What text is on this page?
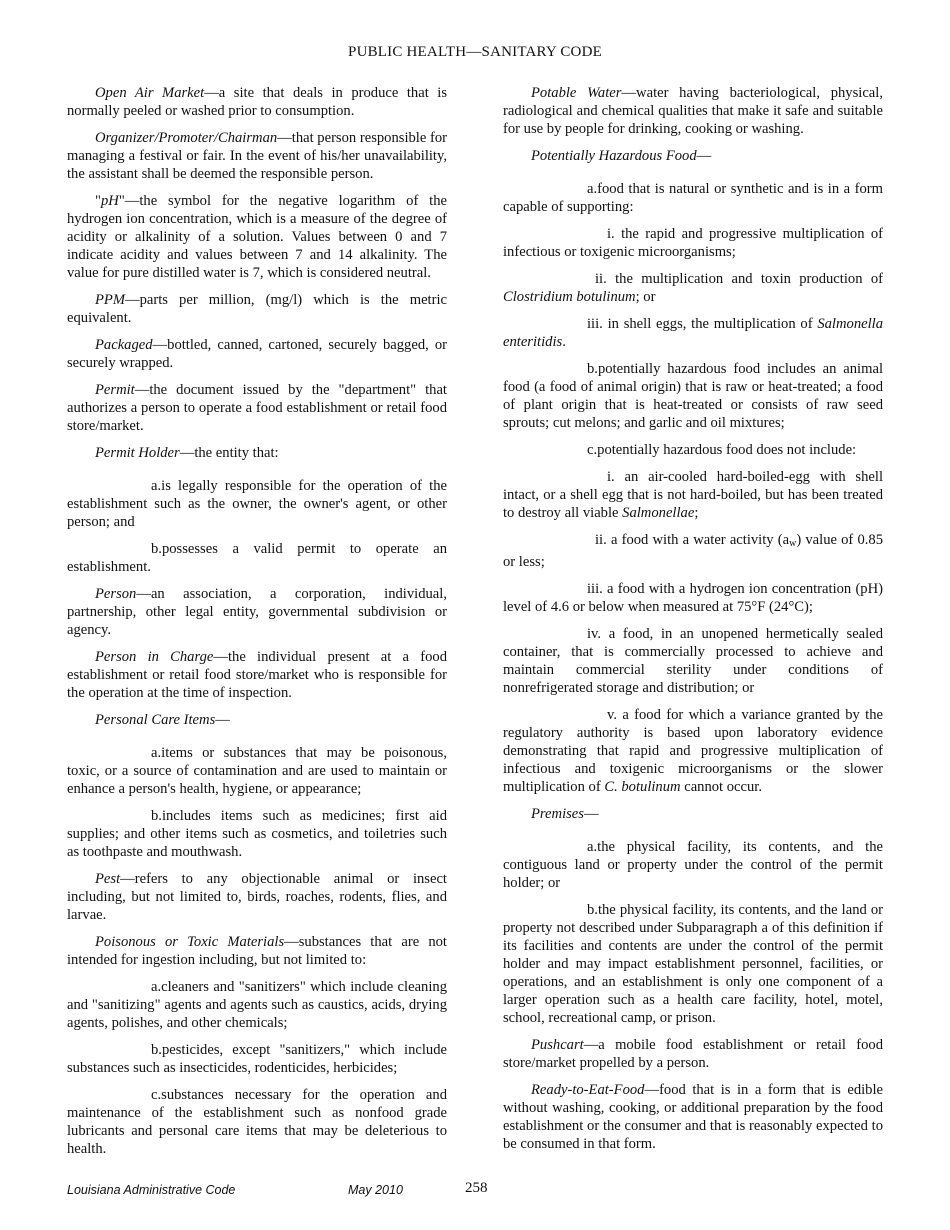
PUBLIC HEALTH—SANITARY CODE

Open Air Market—a site that deals in produce that is normally peeled or washed prior to consumption.

Organizer/Promoter/Chairman—that person responsible for managing a festival or fair. In the event of his/her unavailability, the assistant shall be deemed the responsible person.

"pH"—the symbol for the negative logarithm of the hydrogen ion concentration, which is a measure of the degree of acidity or alkalinity of a solution. Values between 0 and 7 indicate acidity and values between 7 and 14 alkalinity. The value for pure distilled water is 7, which is considered neutral.

PPM—parts per million, (mg/l) which is the metric equivalent.

Packaged—bottled, canned, cartoned, securely bagged, or securely wrapped.

Permit—the document issued by the "department" that authorizes a person to operate a food establishment or retail food store/market.

Permit Holder—the entity that:

a.is legally responsible for the operation of the establishment such as the owner, the owner's agent, or other person; and

b.possesses a valid permit to operate an establishment.

Person—an association, a corporation, individual, partnership, other legal entity, governmental subdivision or agency.

Person in Charge—the individual present at a food establishment or retail food store/market who is responsible for the operation at the time of inspection.

Personal Care Items—

a.items or substances that may be poisonous, toxic, or a source of contamination and are used to maintain or enhance a person's health, hygiene, or appearance;

b.includes items such as medicines; first aid supplies; and other items such as cosmetics, and toiletries such as toothpaste and mouthwash.

Pest—refers to any objectionable animal or insect including, but not limited to, birds, roaches, rodents, flies, and larvae.

Poisonous or Toxic Materials—substances that are not intended for ingestion including, but not limited to:

a.cleaners and "sanitizers" which include cleaning and "sanitizing" agents and agents such as caustics, acids, drying agents, polishes, and other chemicals;

b.pesticides, except "sanitizers," which include substances such as insecticides, rodenticides, herbicides;

c.substances necessary for the operation and maintenance of the establishment such as nonfood grade lubricants and personal care items that may be deleterious to health.

Potable Water—water having bacteriological, physical, radiological and chemical qualities that make it safe and suitable for use by people for drinking, cooking or washing.

Potentially Hazardous Food—

a.food that is natural or synthetic and is in a form capable of supporting:

i. the rapid and progressive multiplication of infectious or toxigenic microorganisms;

ii. the multiplication and toxin production of Clostridium botulinum; or

iii. in shell eggs, the multiplication of Salmonella enteritidis.

b.potentially hazardous food includes an animal food (a food of animal origin) that is raw or heat-treated; a food of plant origin that is heat-treated or consists of raw seed sprouts; cut melons; and garlic and oil mixtures;

c.potentially hazardous food does not include:

i. an air-cooled hard-boiled-egg with shell intact, or a shell egg that is not hard-boiled, but has been treated to destroy all viable Salmonellae;

ii. a food with a water activity $(a_w)$ value of 0.85 or less;

iii. a food with a hydrogen ion concentration (pH) level of 4.6 or below when measured at 75°F (24°C);

iv. a food, in an unopened hermetically sealed container, that is commercially processed to achieve and maintain commercial sterility under conditions of nonrefrigerated storage and distribution; or

v. a food for which a variance granted by the regulatory authority is based upon laboratory evidence demonstrating that rapid and progressive multiplication of infectious and toxigenic microorganisms or the slower multiplication of C. botulinum cannot occur.

Premises—

a.the physical facility, its contents, and the contiguous land or property under the control of the permit holder; or

b.the physical facility, its contents, and the land or property not described under Subparagraph a of this definition if its facilities and contents are under the control of the permit holder and may impact establishment personnel, facilities, or operations, and an establishment is only one component of a larger operation such as a health care facility, hotel, motel, school, recreational camp, or prison.

Pushcart—a mobile food establishment or retail food store/market propelled by a person.

Ready-to-Eat-Food—food that is in a form that is edible without washing, cooking, or additional preparation by the food establishment or the consumer and that is reasonably expected to be consumed in that form.

Louisiana Administrative Code	May 2010	258
